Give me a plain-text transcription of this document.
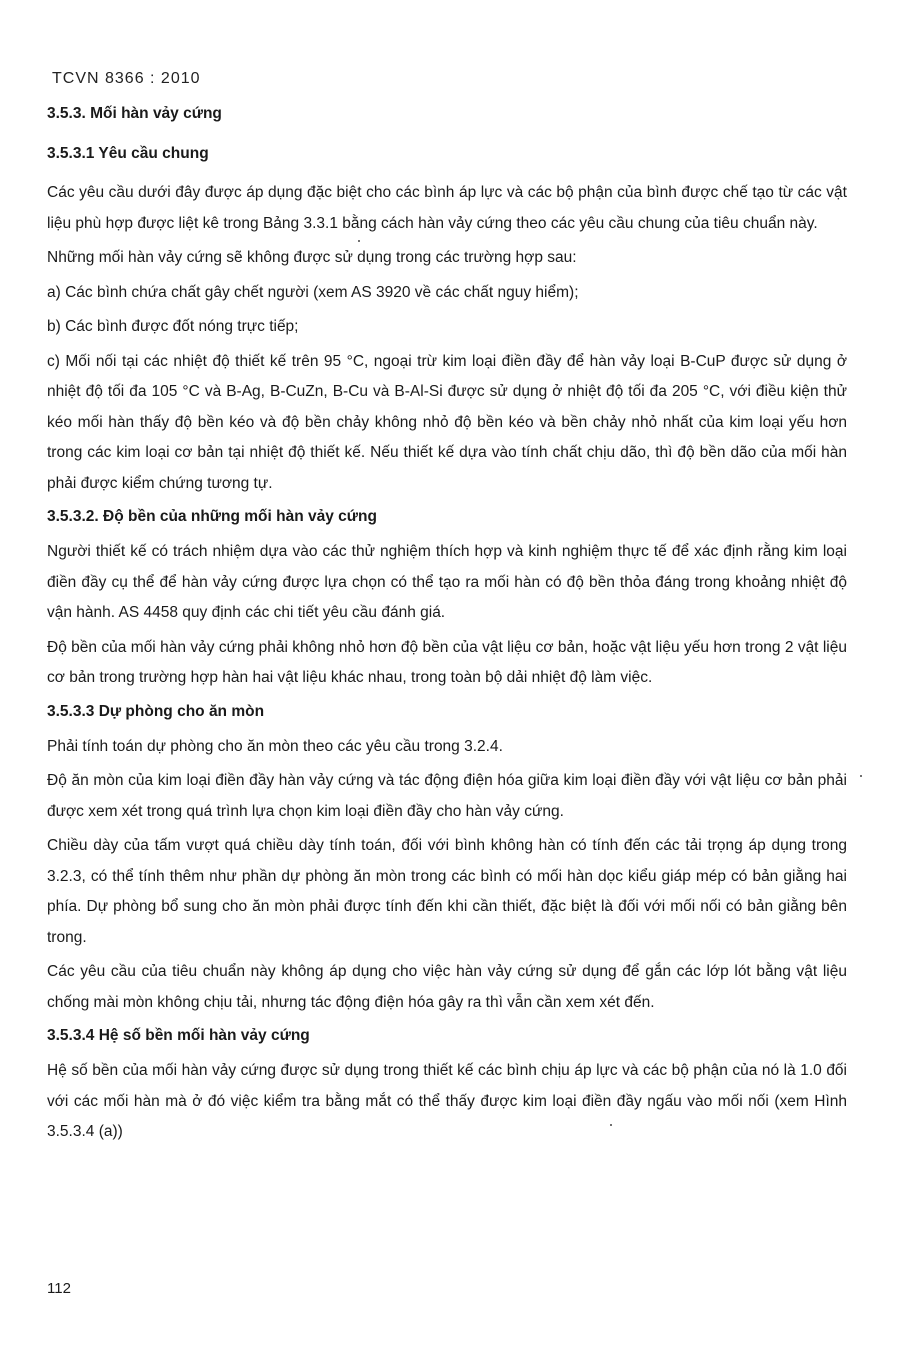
TCVN 8366 : 2010

3.5.3. Mối hàn vảy cứng

3.5.3.1 Yêu cầu chung

Các yêu cầu dưới đây được áp dụng đặc biệt cho các bình áp lực và các bộ phận của bình được chế tạo từ các vật liệu phù hợp được liệt kê trong Bảng 3.3.1 bằng cách hàn vảy cứng theo các yêu cầu chung của tiêu chuẩn này.

Những mối hàn vảy cứng sẽ không được sử dụng trong các trường hợp sau:

a) Các bình chứa chất gây chết người (xem AS 3920 về các chất nguy hiểm);

b) Các bình được đốt nóng trực tiếp;

c) Mối nối tại các nhiệt độ thiết kế trên 95 °C, ngoại trừ kim loại điền đầy để hàn vảy loại B-CuP được sử dụng ở nhiệt độ tối đa 105 °C và B-Ag, B-CuZn, B-Cu và B-Al-Si được sử dụng ở nhiệt độ tối đa 205 °C, với điều kiện thử kéo mối hàn thấy độ bền kéo và độ bền chảy không nhỏ độ bền kéo và bền chảy nhỏ nhất của kim loại yếu hơn trong các kim loại cơ bản tại nhiệt độ thiết kế. Nếu thiết kế dựa vào tính chất chịu dão, thì độ bền dão của mối hàn phải được kiểm chứng tương tự.

3.5.3.2. Độ bền của những mối hàn vảy cứng

Người thiết kế có trách nhiệm dựa vào các thử nghiệm thích hợp và kinh nghiệm thực tế để xác định rằng kim loại điền đầy cụ thể để hàn vảy cứng được lựa chọn có thể tạo ra mối hàn có độ bền thỏa đáng trong khoảng nhiệt độ vận hành. AS 4458 quy định các chi tiết yêu cầu đánh giá.

Độ bền của mối hàn vảy cứng phải không nhỏ hơn độ bền của vật liệu cơ bản, hoặc vật liệu yếu hơn trong 2 vật liệu cơ bản trong trường hợp hàn hai vật liệu khác nhau, trong toàn bộ dải nhiệt độ làm việc.

3.5.3.3 Dự phòng cho ăn mòn

Phải tính toán dự phòng cho ăn mòn theo các yêu cầu trong 3.2.4.

Độ ăn mòn của kim loại điền đầy hàn vảy cứng và tác động điện hóa giữa kim loại điền đầy với vật liệu cơ bản phải được xem xét trong quá trình lựa chọn kim loại điền đầy cho hàn vảy cứng.

Chiều dày của tấm vượt quá chiều dày tính toán, đối với bình không hàn có tính đến các tải trọng áp dụng trong 3.2.3, có thể tính thêm như phần dự phòng ăn mòn trong các bình có mối hàn dọc kiểu giáp mép có bản giằng hai phía. Dự phòng bổ sung cho ăn mòn phải được tính đến khi cần thiết, đặc biệt là đối với mối nối có bản giằng bên trong.

Các yêu cầu của tiêu chuẩn này không áp dụng cho việc hàn vảy cứng sử dụng để gắn các lớp lót bằng vật liệu chống mài mòn không chịu tải, nhưng tác động điện hóa gây ra thì vẫn cần xem xét đến.

3.5.3.4 Hệ số bền mối hàn vảy cứng

Hệ số bền của mối hàn vảy cứng được sử dụng trong thiết kế các bình chịu áp lực và các bộ phận của nó là 1.0 đối với các mối hàn mà ở đó việc kiểm tra bằng mắt có thể thấy được kim loại điền đầy ngấu vào mối nối (xem Hình 3.5.3.4 (a))

112
